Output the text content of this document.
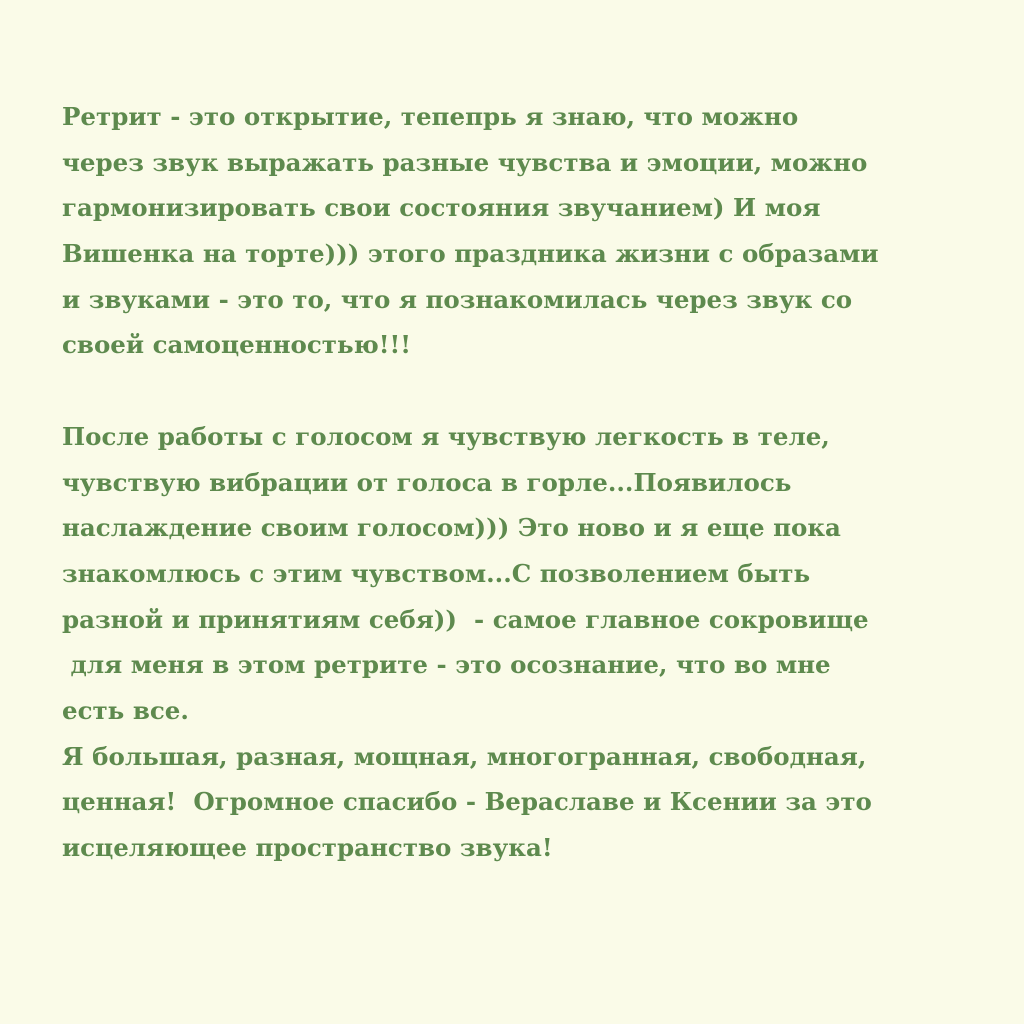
Ретрит - это открытие, тепепрь я знаю, что можно
через звук выражать разные чувства и эмоции, можно
гармонизировать свои состояния звучанием) И моя
Вишенка на торте))) этого праздника жизни с образами
и звуками - это то, что я познакомилась через звук со
своей самоценностью!!!
После работы с голосом я чувствую легкость в теле,
чувствую вибрации от голоса в горле...Появилось
наслаждение своим голосом))) Это ново и я еще пока
знакомлюсь с этим чувством...С позволением быть
разной и принятиям себя))  - самое главное сокровище
для меня в этом ретрите - это осознание, что во мне
есть все.
Я большая, разная, мощная, многогранная, свободная,
ценная!  Огромное спасибо - Вераславе и Ксении за это
исцеляющее пространство звука!
